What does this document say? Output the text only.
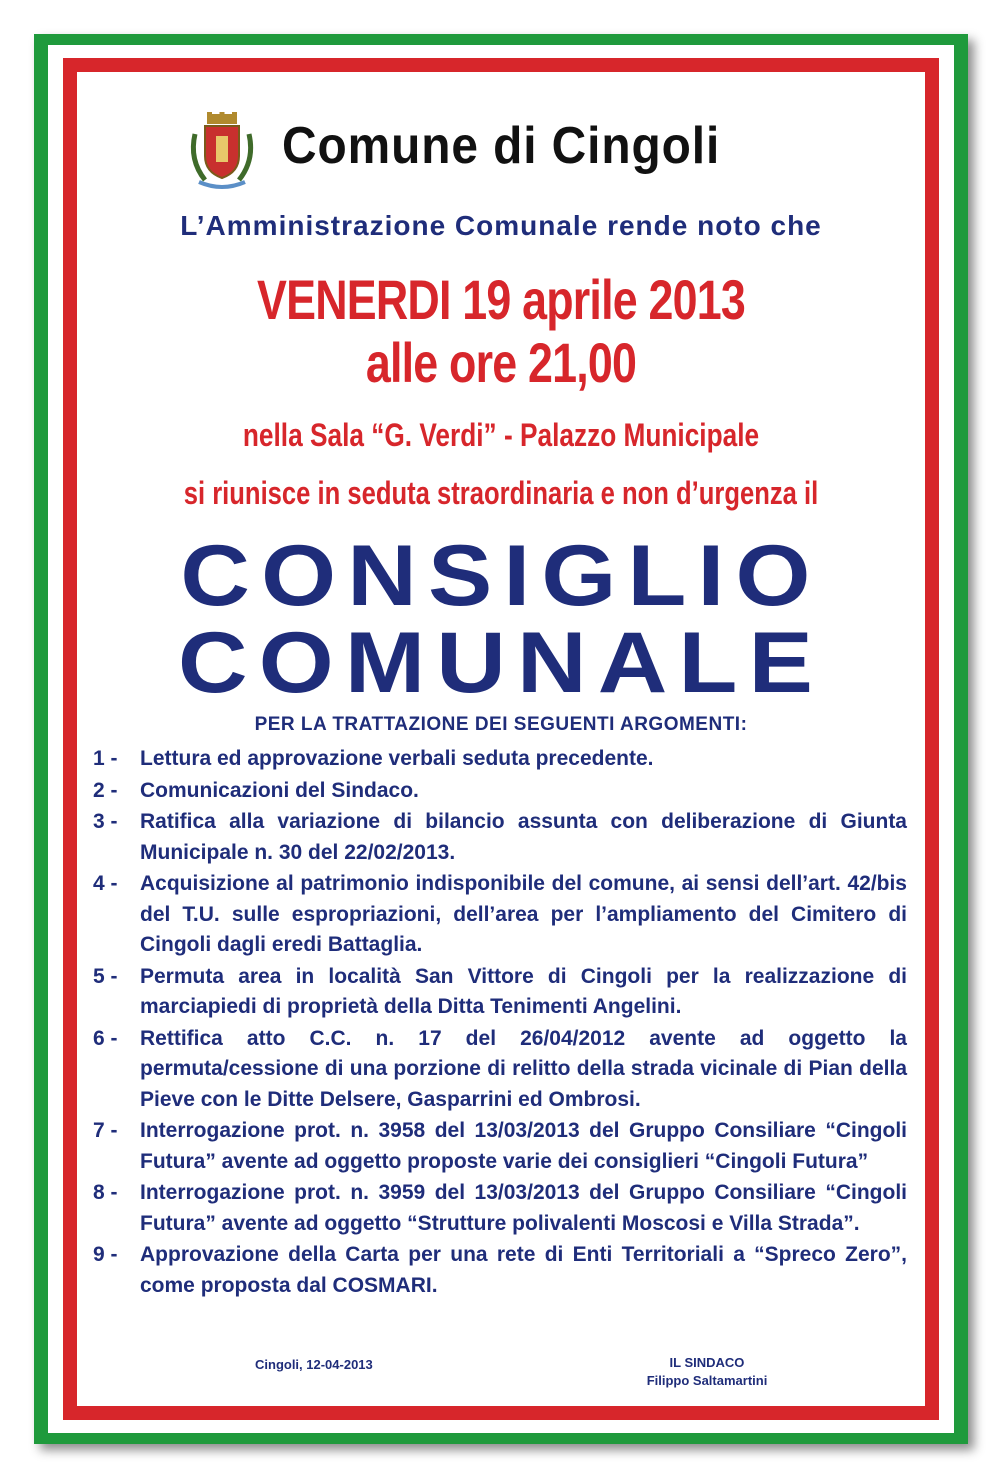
Comune di Cingoli
L’Amministrazione Comunale rende noto che
VENERDI 19 aprile 2013
alle ore 21,00
nella Sala “G. Verdi” - Palazzo Municipale
si riunisce in seduta straordinaria e non d’urgenza il
CONSIGLIO
COMUNALE
PER LA TRATTAZIONE DEI SEGUENTI ARGOMENTI:
1 -	Lettura ed approvazione verbali seduta precedente.
2 -	Comunicazioni del Sindaco.
3 -	Ratifica alla variazione di bilancio assunta con deliberazione di Giunta Municipale n. 30 del 22/02/2013.
4 -	Acquisizione al patrimonio indisponibile del comune, ai sensi dell’art. 42/bis del T.U. sulle espropriazioni, dell’area per l’ampliamento del Cimitero di Cingoli dagli eredi Battaglia.
5 -	Permuta area in località San Vittore di Cingoli per la realizzazione di marciapiedi di proprietà della Ditta Tenimenti Angelini.
6 -	Rettifica atto C.C. n. 17 del 26/04/2012 avente ad oggetto la permuta/cessione di una porzione di relitto della strada vicinale di Pian della Pieve con le Ditte Delsere, Gasparrini ed Ombrosi.
7 -	Interrogazione prot. n. 3958 del 13/03/2013 del Gruppo Consiliare “Cingoli Futura” avente ad oggetto proposte varie dei consiglieri “Cingoli Futura”
8 -	Interrogazione prot. n. 3959 del 13/03/2013 del Gruppo Consiliare “Cingoli Futura” avente ad oggetto “Strutture polivalenti Moscosi e Villa Strada”.
9 -	Approvazione della Carta per una rete di Enti Territoriali a “Spreco Zero”, come proposta dal COSMARI.
Cingoli, 12-04-2013	IL SINDACO
Filippo Saltamartini
